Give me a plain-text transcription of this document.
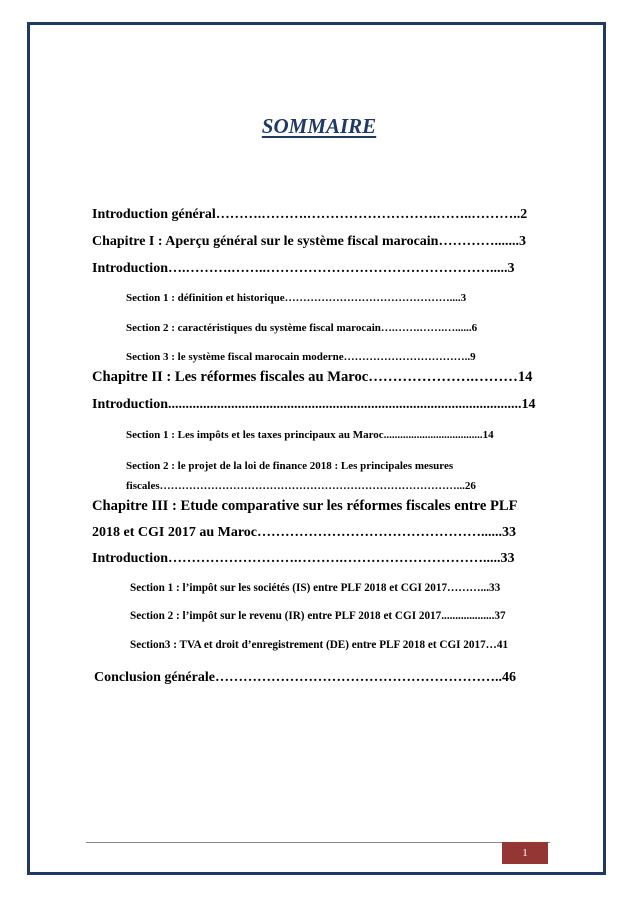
SOMMAIRE
Introduction général……….……….……………………….……..………..2
Chapitre I : Aperçu général sur le système fiscal marocain………….......3
Introduction….……….……..………………………………………….....3
Section 1 : définition et historique………………………………………....3
Section 2 : caractéristiques du système fiscal marocain….…….…….…......6
Section 3 : le système fiscal marocain moderne……………………………..9
Chapitre II : Les réformes fiscales au Maroc………………….………14
Introduction.....................................................................................................14
Section 1 : Les impôts et les taxes principaux au Maroc....................................14
Section 2 : le projet de la loi de finance 2018 : Les principales mesures
fiscales………………………………………………………………………...26
Chapitre III : Etude comparative sur les réformes fiscales entre PLF
2018 et CGI 2017 au Maroc…………………………………………......33
Introduction……………………….……….………………………….....33
Section 1 : l’impôt sur les sociétés (IS) entre PLF 2018 et CGI 2017………...33
Section 2 : l’impôt sur le revenu (IR) entre PLF 2018 et CGI 2017...................37
Section3 : TVA et droit d’enregistrement (DE) entre PLF 2018 et CGI 2017…41
Conclusion générale……………………………………………………..46
1
